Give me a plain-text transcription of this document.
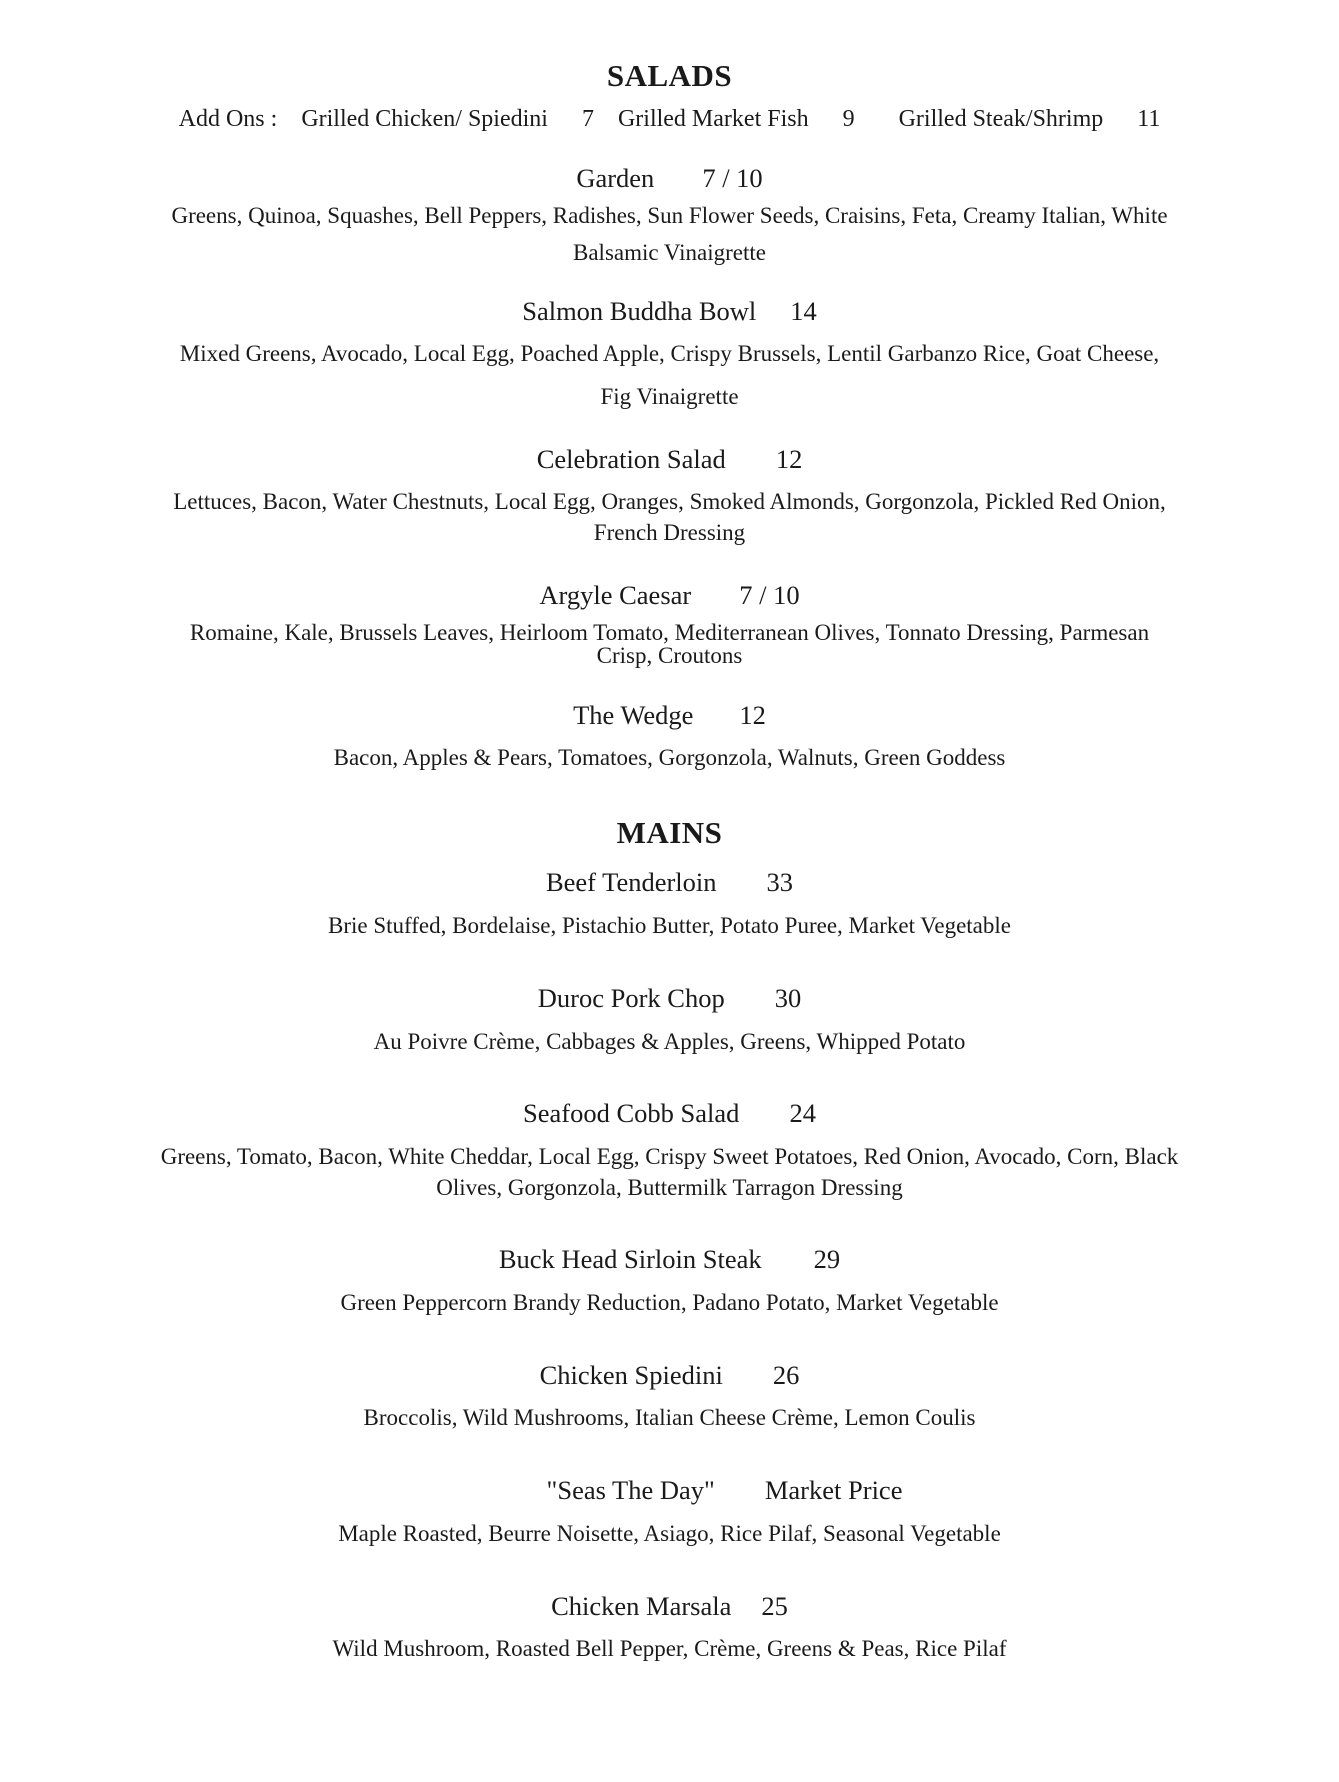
SALADS
Add Ons : Grilled Chicken/ Spiedini 7 Grilled Market Fish 9 Grilled Steak/Shrimp 11
Garden 7 / 10
Greens, Quinoa, Squashes, Bell Peppers, Radishes, Sun Flower Seeds, Craisins, Feta, Creamy Italian, White
Balsamic Vinaigrette
Salmon Buddha Bowl 14
Mixed Greens, Avocado, Local Egg, Poached Apple, Crispy Brussels, Lentil Garbanzo Rice, Goat Cheese,
Fig Vinaigrette
Celebration Salad 12
Lettuces, Bacon, Water Chestnuts, Local Egg, Oranges, Smoked Almonds, Gorgonzola, Pickled Red Onion,
French Dressing
Argyle Caesar 7 / 10
Romaine, Kale, Brussels Leaves, Heirloom Tomato, Mediterranean Olives, Tonnato Dressing, Parmesan
Crisp, Croutons
The Wedge 12
Bacon, Apples & Pears, Tomatoes, Gorgonzola, Walnuts, Green Goddess
MAINS
Beef Tenderloin 33
Brie Stuffed, Bordelaise, Pistachio Butter, Potato Puree, Market Vegetable
Duroc Pork Chop 30
Au Poivre Crème, Cabbages & Apples, Greens, Whipped Potato
Seafood Cobb Salad 24
Greens, Tomato, Bacon, White Cheddar, Local Egg, Crispy Sweet Potatoes, Red Onion, Avocado, Corn, Black
Olives, Gorgonzola, Buttermilk Tarragon Dressing
Buck Head Sirloin Steak 29
Green Peppercorn Brandy Reduction, Padano Potato, Market Vegetable
Chicken Spiedini 26
Broccolis, Wild Mushrooms, Italian Cheese Crème, Lemon Coulis
"Seas The Day" Market Price
Maple Roasted, Beurre Noisette, Asiago, Rice Pilaf, Seasonal Vegetable
Chicken Marsala 25
Wild Mushroom, Roasted Bell Pepper, Crème, Greens & Peas, Rice Pilaf
